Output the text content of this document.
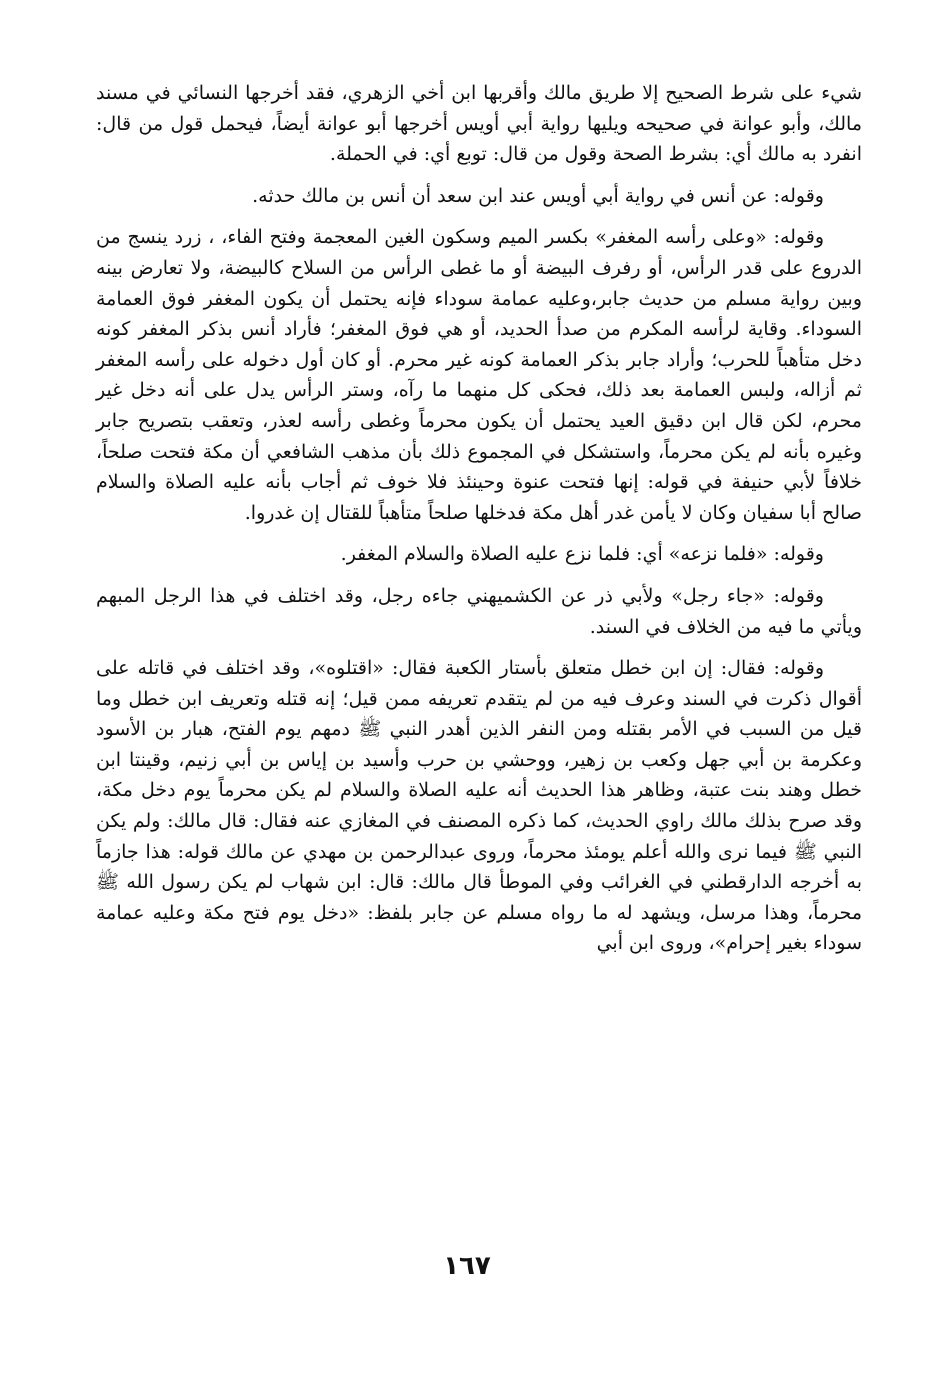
شيء على شرط الصحيح إلا طريق مالك وأقربها ابن أخي الزهري، فقد أخرجها النسائي في مسند مالك، وأبو عوانة في صحيحه ويليها رواية أبي أويس أخرجها أبو عوانة أيضاً، فيحمل قول من قال: انفرد به مالك أي: بشرط الصحة وقول من قال: توبع أي: في الحملة.

وقوله: عن أنس في رواية أبي أويس عند ابن سعد أن أنس بن مالك حدثه.

وقوله: «وعلى رأسه المغفر» بكسر الميم وسكون الغين المعجمة وفتح الفاء، ، زرد ينسج من الدروع على قدر الرأس، أو رفرف البيضة أو ما غطى الرأس من السلاح كالبيضة، ولا تعارض بينه وبين رواية مسلم من حديث جابر،وعليه عمامة سوداء فإنه يحتمل أن يكون المغفر فوق العمامة السوداء. وقاية لرأسه المكرم من صدأ الحديد، أو هي فوق المغفر؛ فأراد أنس بذكر المغفر كونه دخل متأهباً للحرب؛ وأراد جابر بذكر العمامة كونه غير محرم. أو كان أول دخوله على رأسه المغفر ثم أزاله، ولبس العمامة بعد ذلك، فحكى كل منهما ما رآه، وستر الرأس يدل على أنه دخل غير محرم، لكن قال ابن دقيق العيد يحتمل أن يكون محرماً وغطى رأسه لعذر، وتعقب بتصريح جابر وغيره بأنه لم يكن محرماً، واستشكل في المجموع ذلك بأن مذهب الشافعي أن مكة فتحت صلحاً، خلافاً لأبي حنيفة في قوله: إنها فتحت عنوة وحينئذ فلا خوف ثم أجاب بأنه عليه الصلاة والسلام صالح أبا سفيان وكان لا يأمن غدر أهل مكة فدخلها صلحاً متأهباً للقتال إن غدروا.

وقوله: «فلما نزعه» أي: فلما نزع عليه الصلاة والسلام المغفر.

وقوله: «جاء رجل» ولأبي ذر عن الكشميهني جاءه رجل، وقد اختلف في هذا الرجل المبهم ويأتي ما فيه من الخلاف في السند.

وقوله: فقال: إن ابن خطل متعلق بأستار الكعبة فقال: «اقتلوه»، وقد اختلف في قاتله على أقوال ذكرت في السند وعرف فيه من لم يتقدم تعريفه ممن قيل؛ إنه قتله وتعريف ابن خطل وما قيل من السبب في الأمر بقتله ومن النفر الذين أهدر النبي ﷺ دمهم يوم الفتح، هبار بن الأسود وعكرمة بن أبي جهل وكعب بن زهير، ووحشي بن حرب وأسيد بن إياس بن أبي زنيم، وقينتا ابن خطل وهند بنت عتبة، وظاهر هذا الحديث أنه عليه الصلاة والسلام لم يكن محرماً يوم دخل مكة، وقد صرح بذلك مالك راوي الحديث، كما ذكره المصنف في المغازي عنه فقال: قال مالك: ولم يكن النبي ﷺ فيما نرى والله أعلم يومئذ محرماً، وروى عبدالرحمن بن مهدي عن مالك قوله: هذا جازماً به أخرجه الدارقطني في الغرائب وفي الموطأ قال مالك: قال: ابن شهاب لم يكن رسول الله ﷺ محرماً، وهذا مرسل، ويشهد له ما رواه مسلم عن جابر بلفظ: «دخل يوم فتح مكة وعليه عمامة سوداء بغير إحرام»، وروى ابن أبي

١٦٧
